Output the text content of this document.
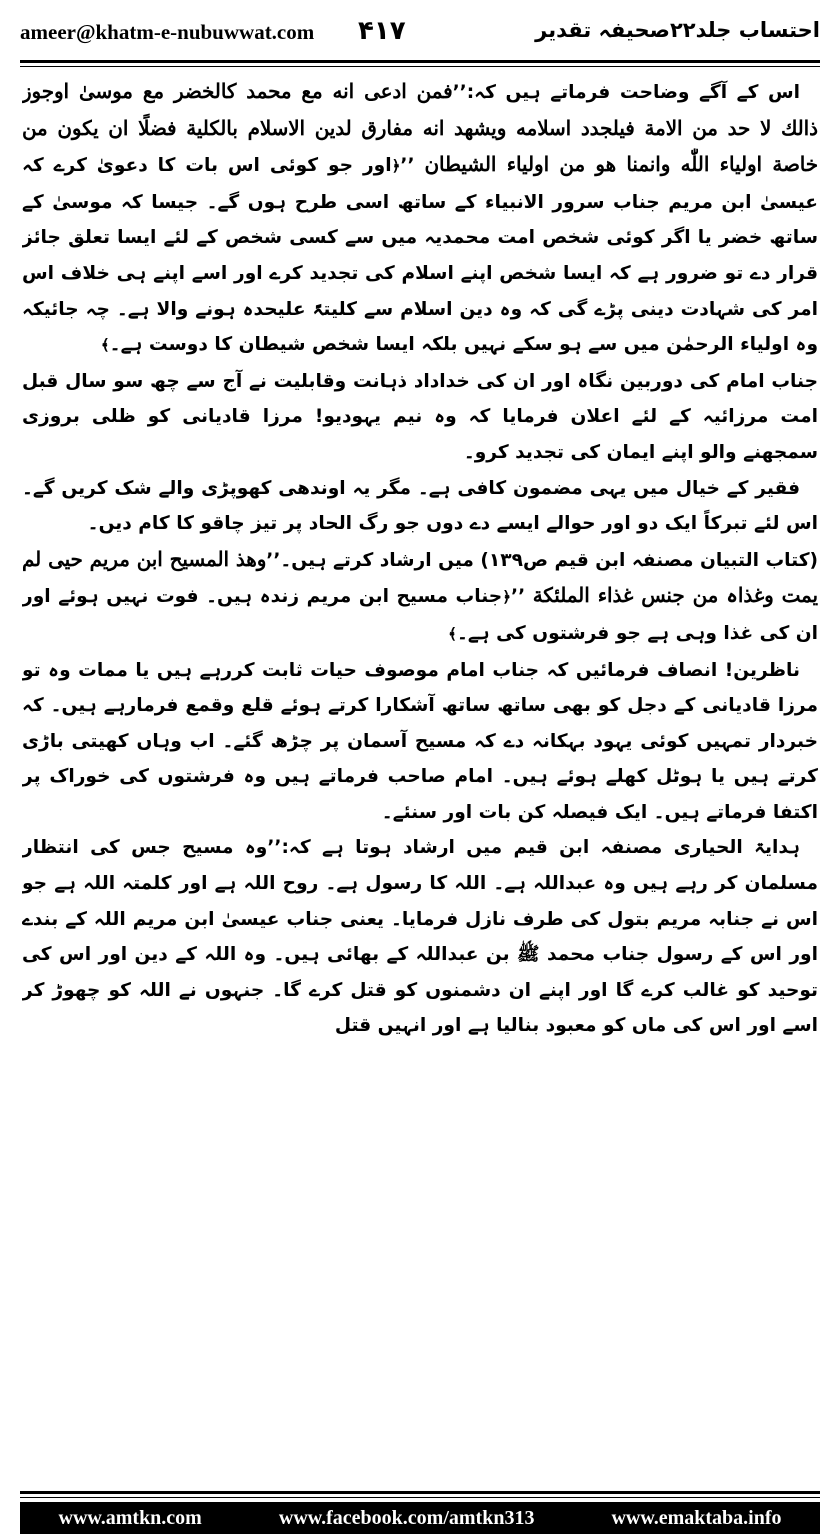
ameer@khatm-e-nubuwwat.com ۴۱۷	احتساب جلد۲۲صحیفہ تقدیر

اس کے آگے وضاحت فرماتے ہیں کہ:’’فمن ادعی انه مع محمد کالخضر مع موسیٰ اوجوز ذالك لا حد من الامة فیلجدد اسلامه ویشهد انه مفارق لدین الاسلام بالکلیة فضلًا ان یکون من خاصة اولیاء اللّٰه وانمنا هو من اولیاء الشیطان ’’﴿اور جو کوئی اس بات کا دعویٰ کرے کہ عیسیٰ ابن مریم جناب سرور الانبیاء کے ساتھ اسی طرح ہوں گے۔ جیسا کہ موسیٰ کے ساتھ خضر یا اگر کوئی شخص امت محمدیہ میں سے کسی شخص کے لئے ایسا تعلق جائز قرار دے تو ضرور ہے کہ ایسا شخص اپنے اسلام کی تجدید کرے اور اسے اپنے ہی خلاف اس امر کی شہادت دینی پڑے گی کہ وہ دین اسلام سے کلیتہً علیحدہ ہونے والا ہے۔ چہ جائیکہ وہ اولیاء الرحمٰن میں سے ہو سکے نہیں بلکہ ایسا شخص شیطان کا دوست ہے۔﴾

جناب امام کی دوربین نگاہ اور ان کی خداداد ذہانت وقابلیت نے آج سے چھ سو سال قبل امت مرزائیہ کے لئے اعلان فرمایا کہ وہ نیم یہودیو! مرزا قادیانی کو ظلی بروزی سمجھنے والو اپنے ایمان کی تجدید کرو۔

فقیر کے خیال میں یہی مضمون کافی ہے۔ مگر یہ اوندھی کھوپڑی والے شک کریں گے۔ اس لئے تبرکاً ایک دو اور حوالے ایسے دے دوں جو رگ الحاد پر تیز چاقو کا کام دیں۔

(کتاب التبیان مصنفہ ابن قیم ص۱۳۹) میں ارشاد کرتے ہیں۔’’وهذ المسیح ابن مریم حیی لم یمت وغذاہ من جنس غذاء الملئکة ’’﴿جناب مسیح ابن مریم زندہ ہیں۔ فوت نہیں ہوئے اور ان کی غذا وہی ہے جو فرشتوں کی ہے۔﴾

ناظرین! انصاف فرمائیں کہ جناب امام موصوف حیات ثابت کررہے ہیں یا ممات وہ تو مرزا قادیانی کے دجل کو بھی ساتھ ساتھ آشکارا کرتے ہوئے قلع وقمع فرمارہے ہیں۔ کہ خبردار تمہیں کوئی یہود بہکانہ دے کہ مسیح آسمان پر چڑھ گئے۔ اب وہاں کھیتی باڑی کرتے ہیں یا ہوٹل کھلے ہوئے ہیں۔ امام صاحب فرماتے ہیں وہ فرشتوں کی خوراک پر اکتفا فرماتے ہیں۔ ایک فیصلہ کن بات اور سنئے۔

ہدایۃ الحیاری مصنفہ ابن قیم میں ارشاد ہوتا ہے کہ:’’وہ مسیح جس کی انتظار مسلمان کر رہے ہیں وہ عبداللہ ہے۔ اللہ کا رسول ہے۔ روح اللہ ہے اور کلمتہ اللہ ہے جو اس نے جنابہ مریم بتول کی طرف نازل فرمایا۔ یعنی جناب عیسیٰ ابن مریم اللہ کے بندے اور اس کے رسول جناب محمد ﷺ بن عبداللہ کے بھائی ہیں۔ وہ اللہ کے دین اور اس کی توحید کو غالب کرے گا اور اپنے ان دشمنوں کو قتل کرے گا۔ جنہوں نے اللہ کو چھوڑ کر اسے اور اس کی ماں کو معبود بنالیا ہے اور انہیں قتل

www.amtkn.com	www.facebook.com/amtkn313	www.emaktaba.info
